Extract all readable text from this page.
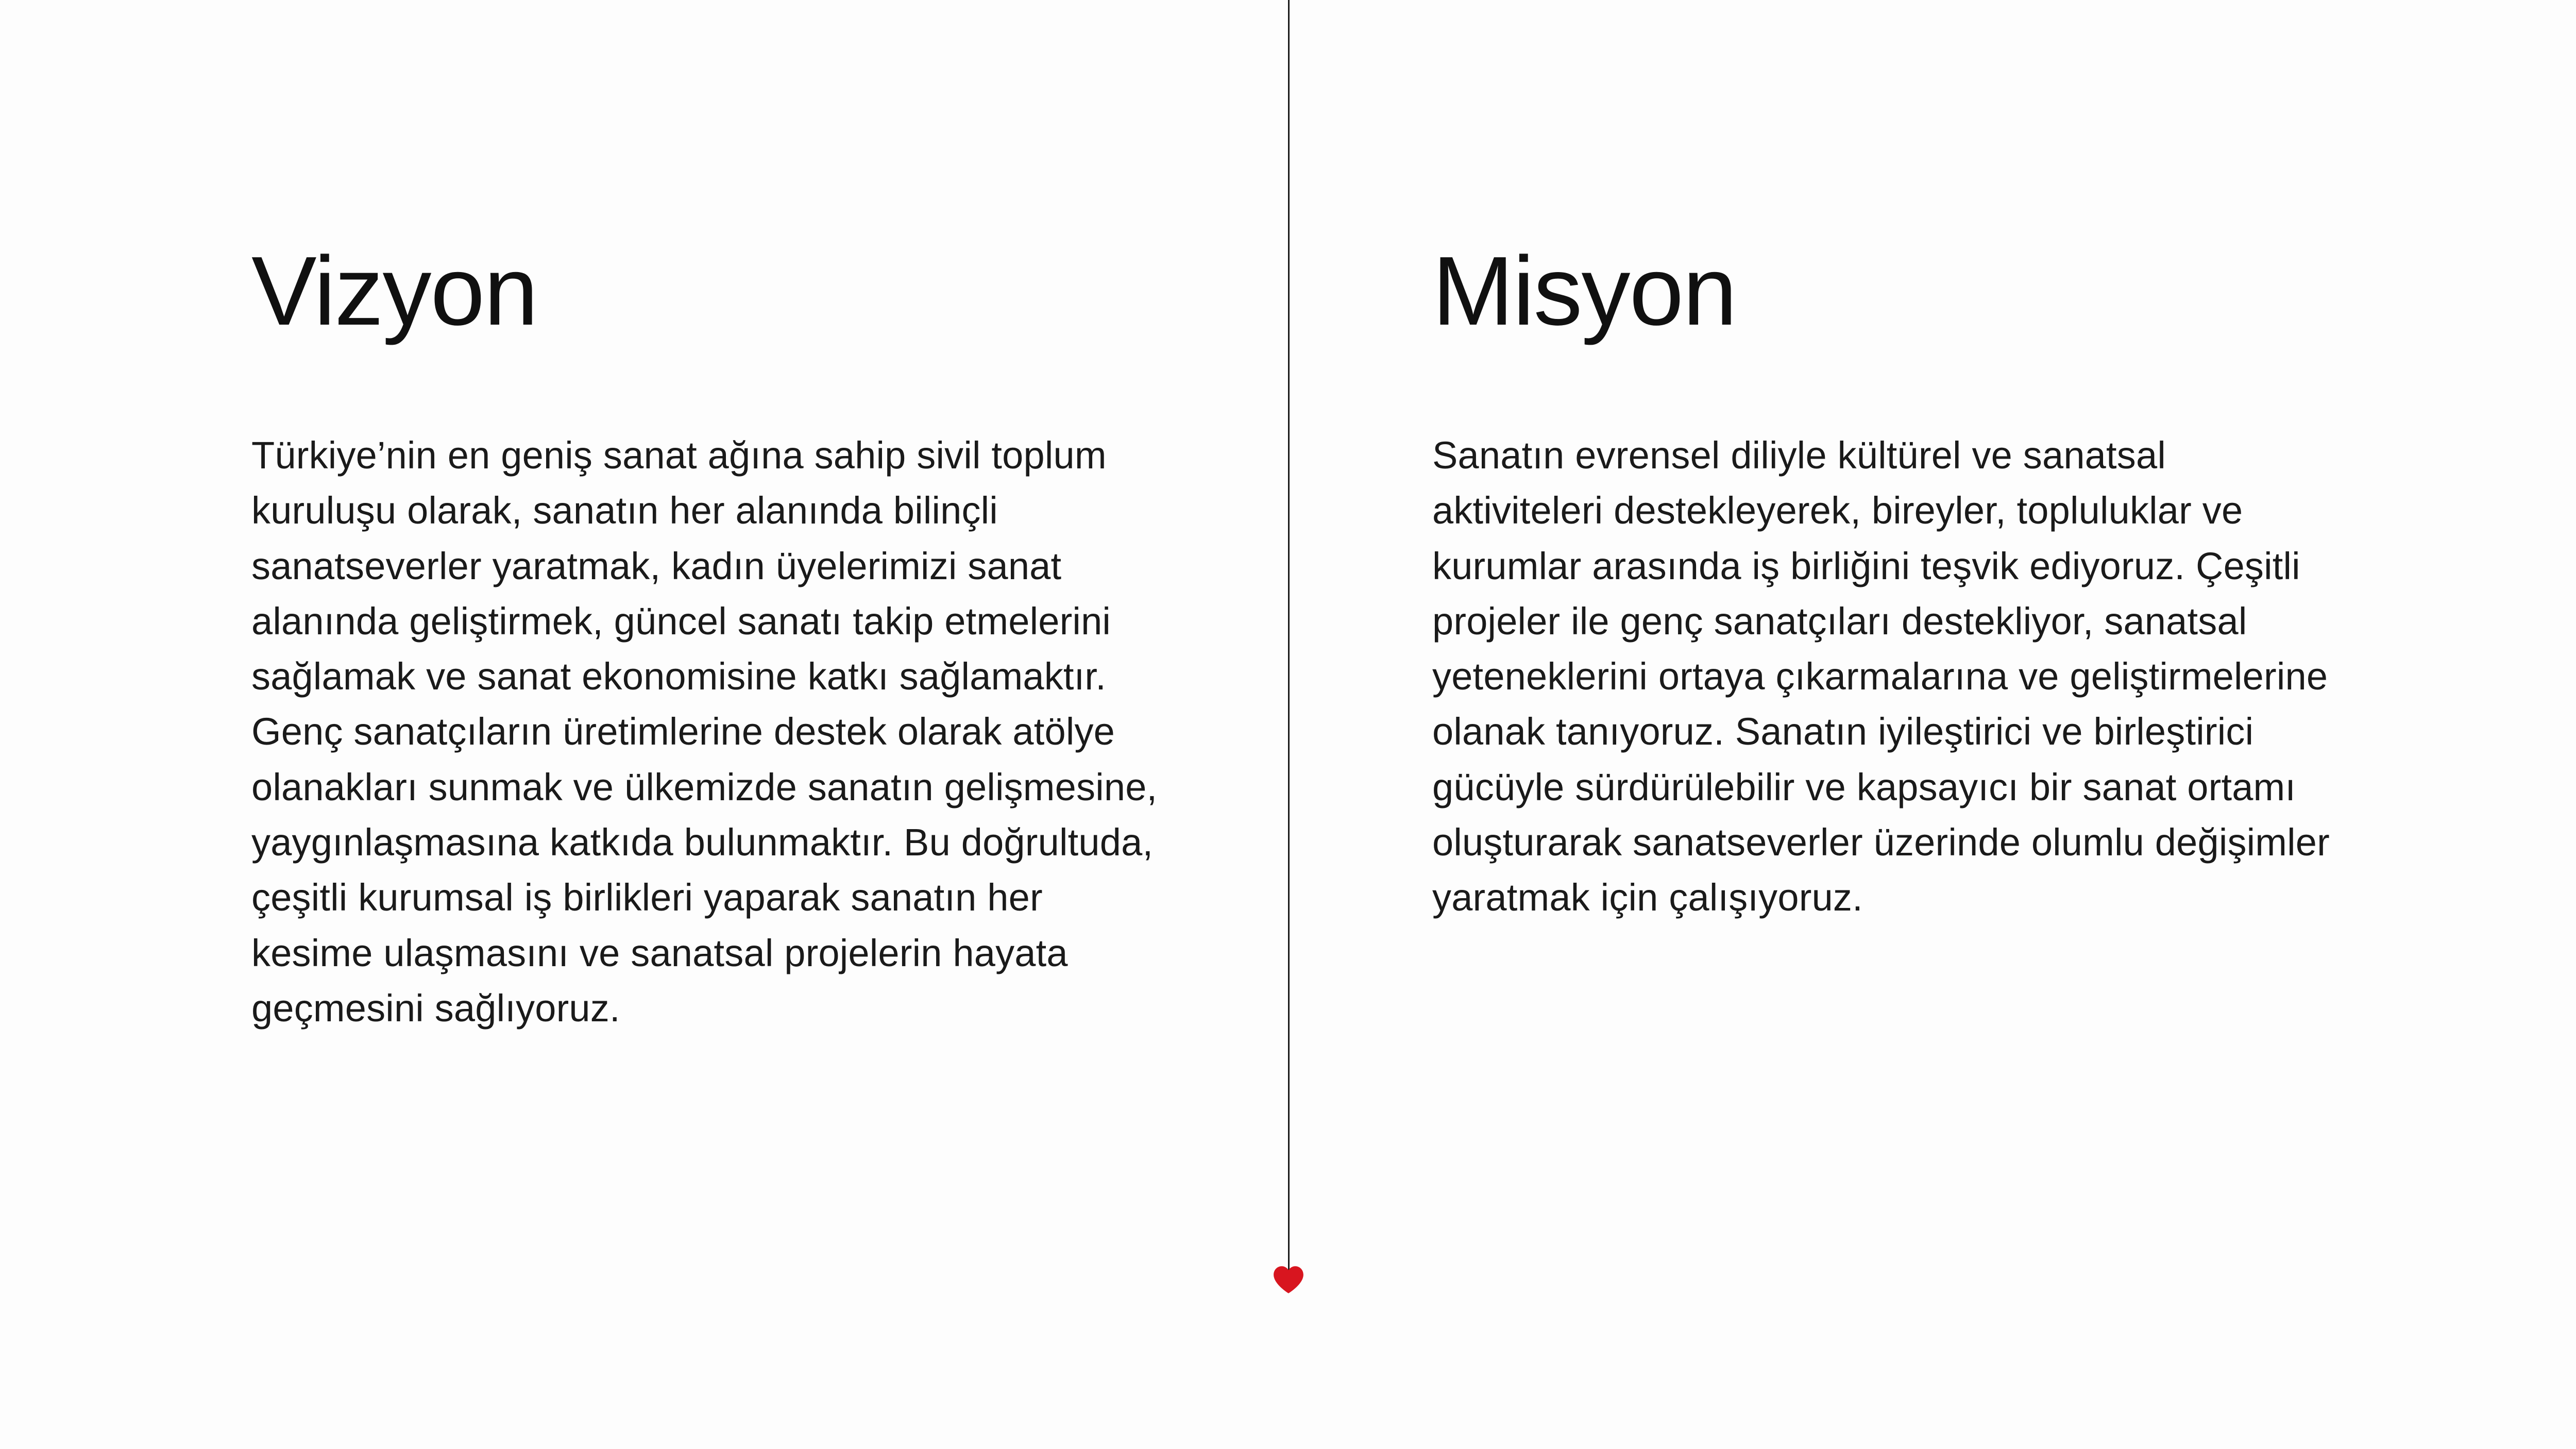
Vizyon

Türkiye’nin en geniş sanat ağına sahip sivil toplum kuruluşu olarak, sanatın her alanında bilinçli sanatseverler yaratmak, kadın üyelerimizi sanat alanında geliştirmek, güncel sanatı takip etmelerini sağlamak ve sanat ekonomisine katkı sağlamaktır. Genç sanatçıların üretimlerine destek olarak atölye olanakları sunmak ve ülkemizde sanatın gelişmesine, yaygınlaşmasına katkıda bulunmaktır. Bu doğrultuda, çeşitli kurumsal iş birlikleri yaparak sanatın her kesime ulaşmasını ve sanatsal projelerin hayata geçmesini sağlıyoruz.

Misyon

Sanatın evrensel diliyle kültürel ve sanatsal aktiviteleri destekleyerek, bireyler, topluluklar ve kurumlar arasında iş birliğini teşvik ediyoruz. Çeşitli projeler ile genç sanatçıları destekliyor, sanatsal yeteneklerini ortaya çıkarmalarına ve geliştirmelerine olanak tanıyoruz. Sanatın iyileştirici ve birleştirici gücüyle sürdürülebilir ve kapsayıcı bir sanat ortamı oluşturarak sanatseverler üzerinde olumlu değişimler yaratmak için çalışıyoruz.
